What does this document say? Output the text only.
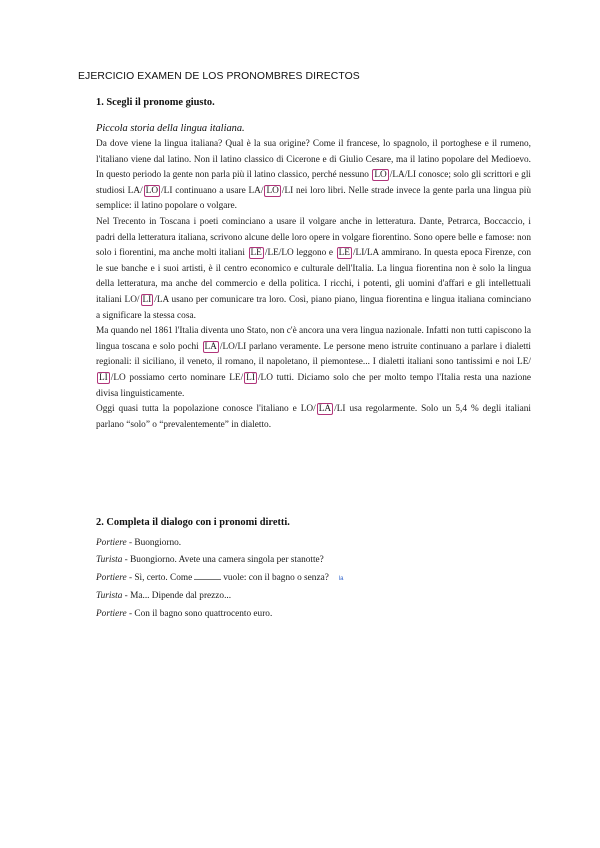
EJERCICIO EXAMEN DE LOS PRONOMBRES DIRECTOS
1. Scegli il pronome giusto.
Piccola storia della lingua italiana.

Da dove viene la lingua italiana? Qual è la sua origine? Come il francese, lo spagnolo, il portoghese e il rumeno, l'italiano viene dal latino. Non il latino classico di Cicerone e di Giulio Cesare, ma il latino popolare del Medioevo. In questo periodo la gente non parla più il latino classico, perché nessuno LO /LA/LI conosce; solo gli scrittori e gli studiosi LA/ LO /LI continuano a usare LA/ LO /LI nei loro libri. Nelle strade invece la gente parla una lingua più semplice: il latino popolare o volgare.

Nel Trecento in Toscana i poeti cominciano a usare il volgare anche in letteratura. Dante, Petrarca, Boccaccio, i padri della letteratura italiana, scrivono alcune delle loro opere in volgare fiorentino. Sono opere belle e famose: non solo i fiorentini, ma anche molti italiani LE /LE/LO leggono e LE /LI/LA ammirano. In questa epoca Firenze, con le sue banche e i suoi artisti, è il centro economico e culturale dell'Italia. La lingua fiorentina non è solo la lingua della letteratura, ma anche del commercio e della politica. I ricchi, i potenti, gli uomini d'affari e gli intellettuali italiani LO/ LI /LA usano per comunicare tra loro. Così, piano piano, lingua fiorentina e lingua italiana cominciano a significare la stessa cosa.

Ma quando nel 1861 l'Italia diventa uno Stato, non c'è ancora una vera lingua nazionale. Infatti non tutti capiscono la lingua toscana e solo pochi LA /LO/LI parlano veramente. Le persone meno istruite continuano a parlare i dialetti regionali: il siciliano, il veneto, il romano, il napoletano, il piemontese... I dialetti italiani sono tantissimi e noi LE/LI /LO possiamo certo nominare LE/ LI /LO tutti. Diciamo solo che per molto tempo l'Italia resta una nazione divisa linguisticamente.

Oggi quasi tutta la popolazione conosce l'italiano e LO/ LA /LI usa regolarmente. Solo un 5,4 % degli italiani parlano “solo” o “prevalentemente” in dialetto.

2. Completa il dialogo con i pronomi diretti.
Portiere - Buongiorno.
Turista - Buongiorno. Avete una camera singola per stanotte?
Portiere - Sì, certo. Come	vuole: con il bagno o senza? la
Turista - Ma... Dipende dal prezzo...
Portiere - Con il bagno sono quattrocento euro.
